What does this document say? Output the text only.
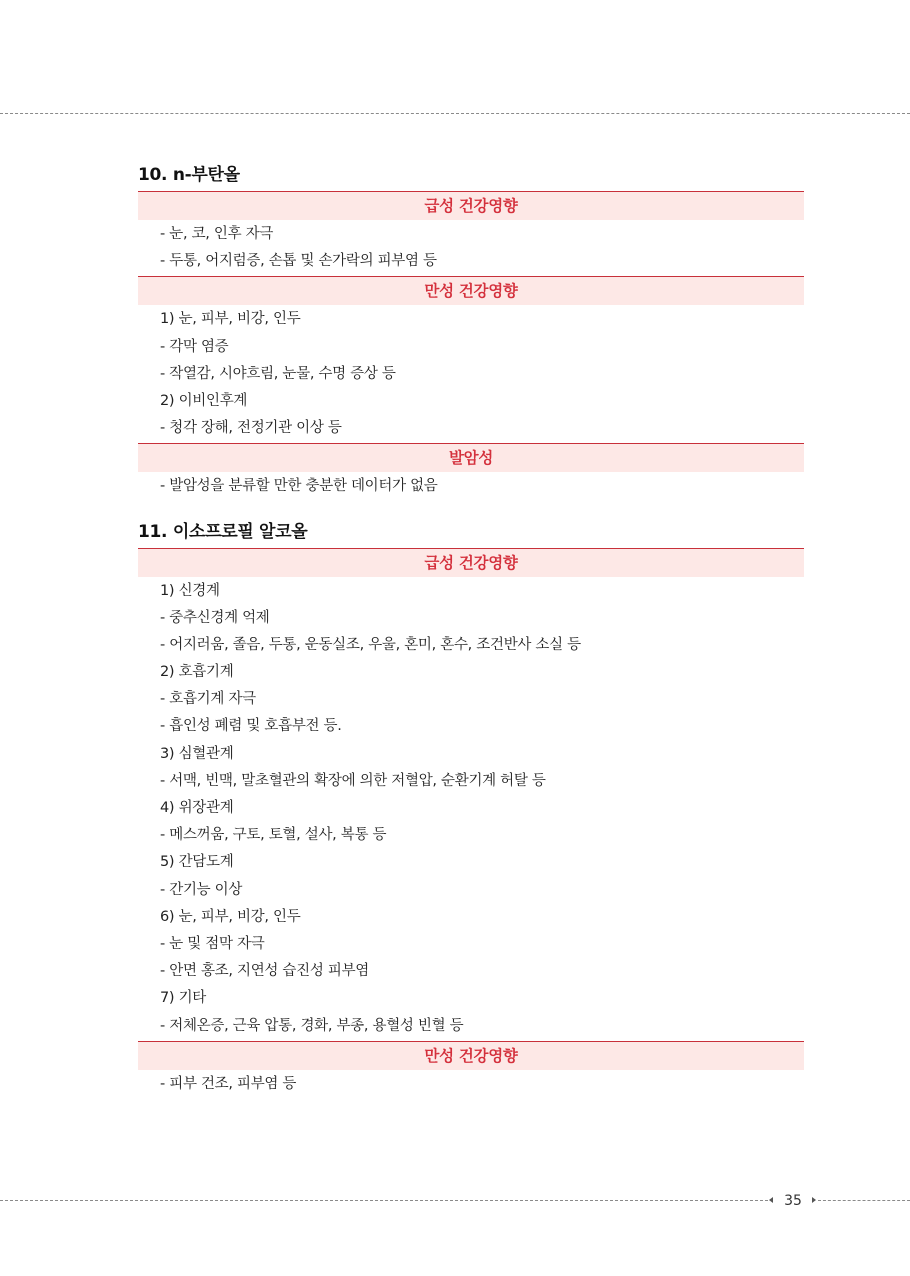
10. n-부탄올
급성 건강영향
- 눈, 코, 인후 자극
- 두통, 어지럼증, 손톱 및 손가락의 피부염 등
만성 건강영향
1) 눈, 피부, 비강, 인두
- 각막 염증
- 작열감, 시야흐림, 눈물, 수명 증상 등
2) 이비인후계
- 청각 장해, 전정기관 이상 등
발암성
- 발암성을 분류할 만한 충분한 데이터가 없음
11. 이소프로필 알코올
급성 건강영향
1) 신경계
- 중추신경계 억제
- 어지러움, 졸음, 두통, 운동실조, 우울, 혼미, 혼수, 조건반사 소실 등
2) 호흡기계
- 호흡기계 자극
- 흡인성 폐렴 및 호흡부전 등.
3) 심혈관계
- 서맥, 빈맥, 말초혈관의 확장에 의한 저혈압, 순환기계 허탈 등
4) 위장관계
- 메스꺼움, 구토, 토혈, 설사, 복통 등
5) 간담도계
- 간기능 이상
6) 눈, 피부, 비강, 인두
- 눈 및 점막 자극
- 안면 홍조, 지연성 습진성 피부염
7) 기타
- 저체온증, 근육 압통, 경화, 부종, 용혈성 빈혈 등
만성 건강영향
- 피부 건조, 피부염 등
35
